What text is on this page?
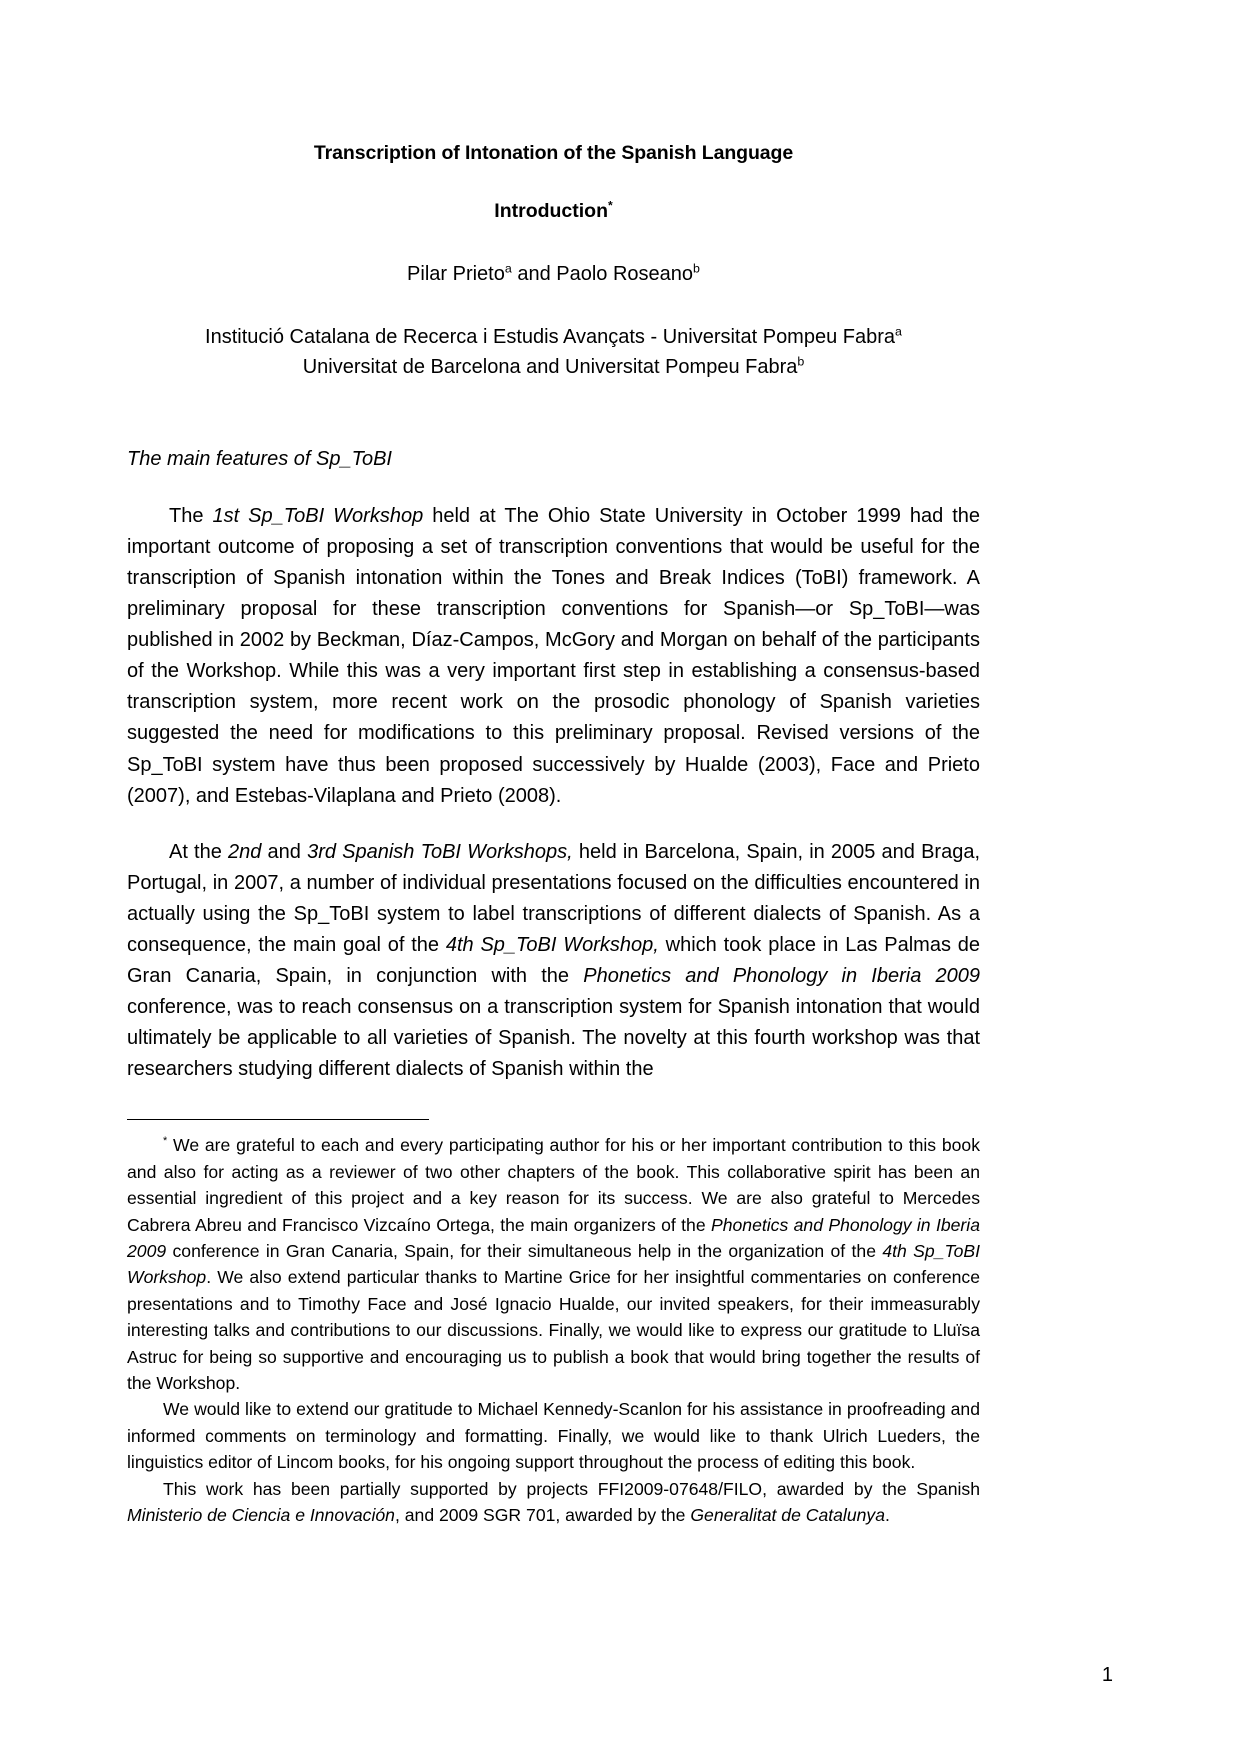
Transcription of Intonation of the Spanish Language
Introduction*
Pilar Prieto$^a$ and Paolo Roseano$^b$
Institució Catalana de Recerca i Estudis Avançats - Universitat Pompeu Fabra$^a$
Universitat de Barcelona and Universitat Pompeu Fabra$^b$
The main features of Sp_ToBI

The 1st Sp_ToBI Workshop held at The Ohio State University in October 1999 had the important outcome of proposing a set of transcription conventions that would be useful for the transcription of Spanish intonation within the Tones and Break Indices (ToBI) framework. A preliminary proposal for these transcription conventions for Spanish—or Sp_ToBI—was published in 2002 by Beckman, Díaz-Campos, McGory and Morgan on behalf of the participants of the Workshop. While this was a very important first step in establishing a consensus-based transcription system, more recent work on the prosodic phonology of Spanish varieties suggested the need for modifications to this preliminary proposal. Revised versions of the Sp_ToBI system have thus been proposed successively by Hualde (2003), Face and Prieto (2007), and Estebas-Vilaplana and Prieto (2008).

At the 2nd and 3rd Spanish ToBI Workshops, held in Barcelona, Spain, in 2005 and Braga, Portugal, in 2007, a number of individual presentations focused on the difficulties encountered in actually using the Sp_ToBI system to label transcriptions of different dialects of Spanish. As a consequence, the main goal of the 4th Sp_ToBI Workshop, which took place in Las Palmas de Gran Canaria, Spain, in conjunction with the Phonetics and Phonology in Iberia 2009 conference, was to reach consensus on a transcription system for Spanish intonation that would ultimately be applicable to all varieties of Spanish. The novelty at this fourth workshop was that researchers studying different dialects of Spanish within the

* We are grateful to each and every participating author for his or her important contribution to this book and also for acting as a reviewer of two other chapters of the book. This collaborative spirit has been an essential ingredient of this project and a key reason for its success. We are also grateful to Mercedes Cabrera Abreu and Francisco Vizcaíno Ortega, the main organizers of the Phonetics and Phonology in Iberia 2009 conference in Gran Canaria, Spain, for their simultaneous help in the organization of the 4th Sp_ToBI Workshop. We also extend particular thanks to Martine Grice for her insightful commentaries on conference presentations and to Timothy Face and José Ignacio Hualde, our invited speakers, for their immeasurably interesting talks and contributions to our discussions. Finally, we would like to express our gratitude to Lluïsa Astruc for being so supportive and encouraging us to publish a book that would bring together the results of the Workshop.

We would like to extend our gratitude to Michael Kennedy-Scanlon for his assistance in proofreading and informed comments on terminology and formatting. Finally, we would like to thank Ulrich Lueders, the linguistics editor of Lincom books, for his ongoing support throughout the process of editing this book.

This work has been partially supported by projects FFI2009-07648/FILO, awarded by the Spanish Ministerio de Ciencia e Innovación, and 2009 SGR 701, awarded by the Generalitat de Catalunya.

1
